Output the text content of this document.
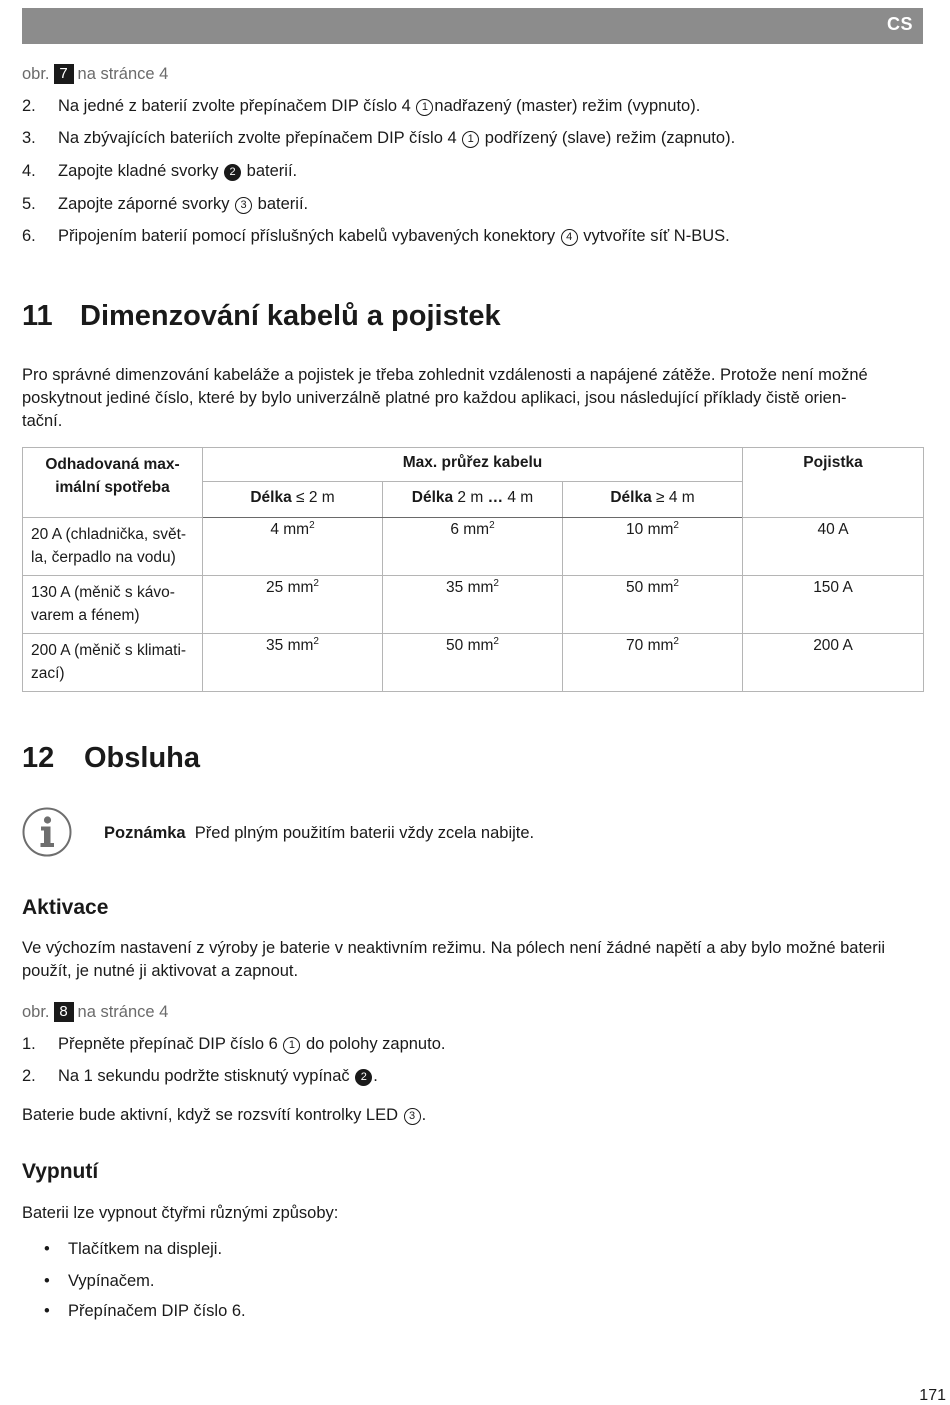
CS
obr. 7 na stránce 4
2. Na jedné z baterií zvolte přepínačem DIP číslo 4 1 nadřazený (master) režim (vypnuto).
3. Na zbývajících bateriích zvolte přepínačem DIP číslo 4 1 podřízený (slave) režim (zapnuto).
4. Zapojte kladné svorky 2 baterií.
5. Zapojte záporné svorky 3 baterií.
6. Připojením baterií pomocí příslušných kabelů vybavených konektory 4 vytvoříte síť N-BUS.
11 Dimenzování kabelů a pojistek
Pro správné dimenzování kabeláže a pojistek je třeba zohlednit vzdálenosti a napájené zátěže. Protože není možné
poskytnout jediné číslo, které by bylo univerzálně platné pro každou aplikaci, jsou následující příklady čistě orien-
tační.
Odhadovaná max-
imální spotřeba	Max. průřez kabelu			Pojistka
	Délka ≤ 2 m	Délka 2 m … 4 m	Délka ≥ 4 m	

20 A (chladnička, svět-
la, čerpadlo na vodu)	4 $mm^2$	6 $mm^2$	10 $mm^2$	40 A

130 A (měnič s kávo-
varem a fénem)	25 $mm^2$	35 $mm^2$	50 $mm^2$	150 A

200 A (měnič s klimati-
zací)	35 $mm^2$	50 $mm^2$	70 $mm^2$	200 A
12 Obsluha
Poznámka Před plným použitím baterii vždy zcela nabijte.
Aktivace
Ve výchozím nastavení z výroby je baterie v neaktivním režimu. Na pólech není žádné napětí a aby bylo možné baterii
použít, je nutné ji aktivovat a zapnout.
obr. 8 na stránce 4
1. Přepněte přepínač DIP číslo 6 1 do polohy zapnuto.
2. Na 1 sekundu podržte stisknutý vypínač 2 .
Baterie bude aktivní, když se rozsvítí kontrolky LED 3 .
Vypnutí
Baterii lze vypnout čtyřmi různými způsoby:
• Tlačítkem na displeji.
• Vypínačem.
• Přepínačem DIP číslo 6.
171
